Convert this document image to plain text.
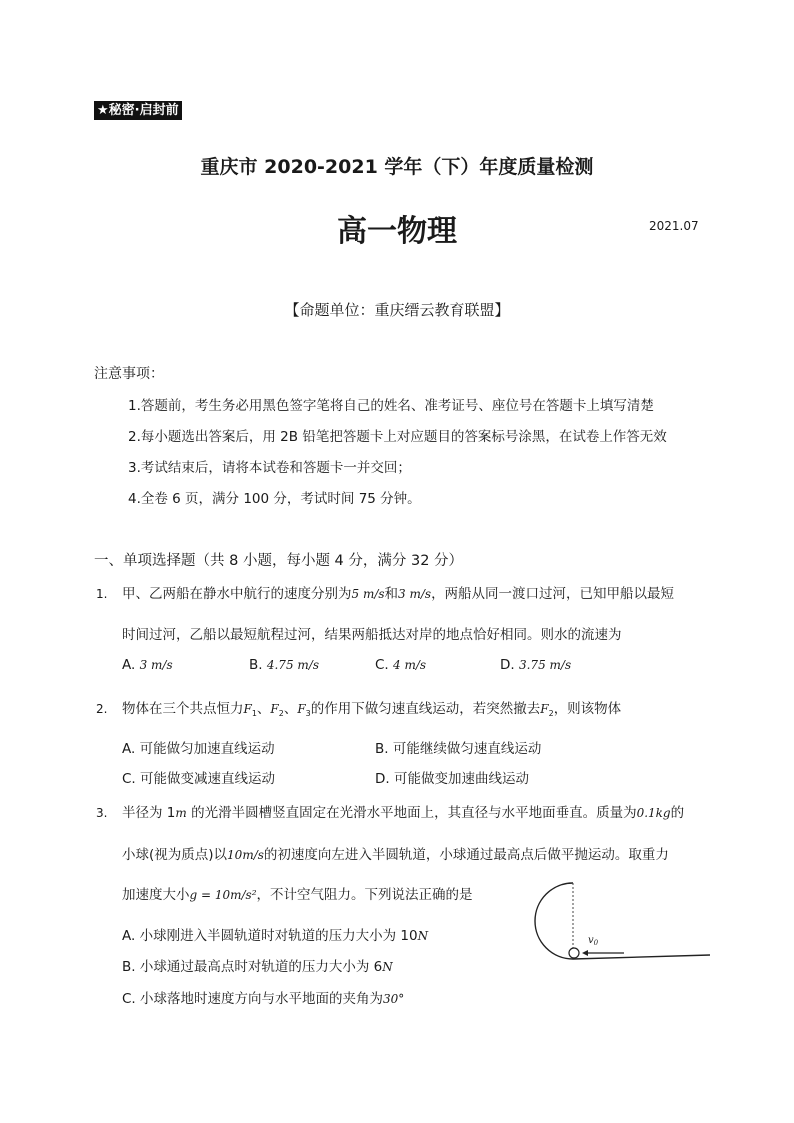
★秘密·启封前
重庆市 2020-2021 学年（下）年度质量检测
高一物理	2021.07
【命题单位：重庆缙云教育联盟】
注意事项：
1.答题前，考生务必用黑色签字笔将自己的姓名、准考证号、座位号在答题卡上填写清楚
2.每小题选出答案后，用 2B 铅笔把答题卡上对应题目的答案标号涂黑，在试卷上作答无效
3.考试结束后，请将本试卷和答题卡一并交回；
4.全卷 6 页，满分 100 分，考试时间 75 分钟。
一、单项选择题（共 8 小题，每小题 4 分，满分 32 分）
1. 甲、乙两船在静水中航行的速度分别为5 m/s和3 m/s，两船从同一渡口过河，已知甲船以最短
时间过河，乙船以最短航程过河，结果两船抵达对岸的地点恰好相同。则水的流速为
A. 3 m/s	B. 4.75 m/s	C. 4 m/s	D. 3.75 m/s
2. 物体在三个共点恒力$F_1$、$F_2$、$F_3$的作用下做匀速直线运动，若突然撤去$F_2$，则该物体
A. 可能做匀加速直线运动	B. 可能继续做匀速直线运动
C. 可能做变减速直线运动	D. 可能做变加速曲线运动
3. 半径为 1m 的光滑半圆槽竖直固定在光滑水平地面上，其直径与水平地面垂直。质量为0.1kg的
小球(视为质点)以10m/s的初速度向左进入半圆轨道，小球通过最高点后做平抛运动。取重力
加速度大小g = 10m/s²，不计空气阻力。下列说法正确的是
A. 小球刚进入半圆轨道时对轨道的压力大小为 10N
B. 小球通过最高点时对轨道的压力大小为 6N
C. 小球落地时速度方向与水平地面的夹角为30°
$v_0$
